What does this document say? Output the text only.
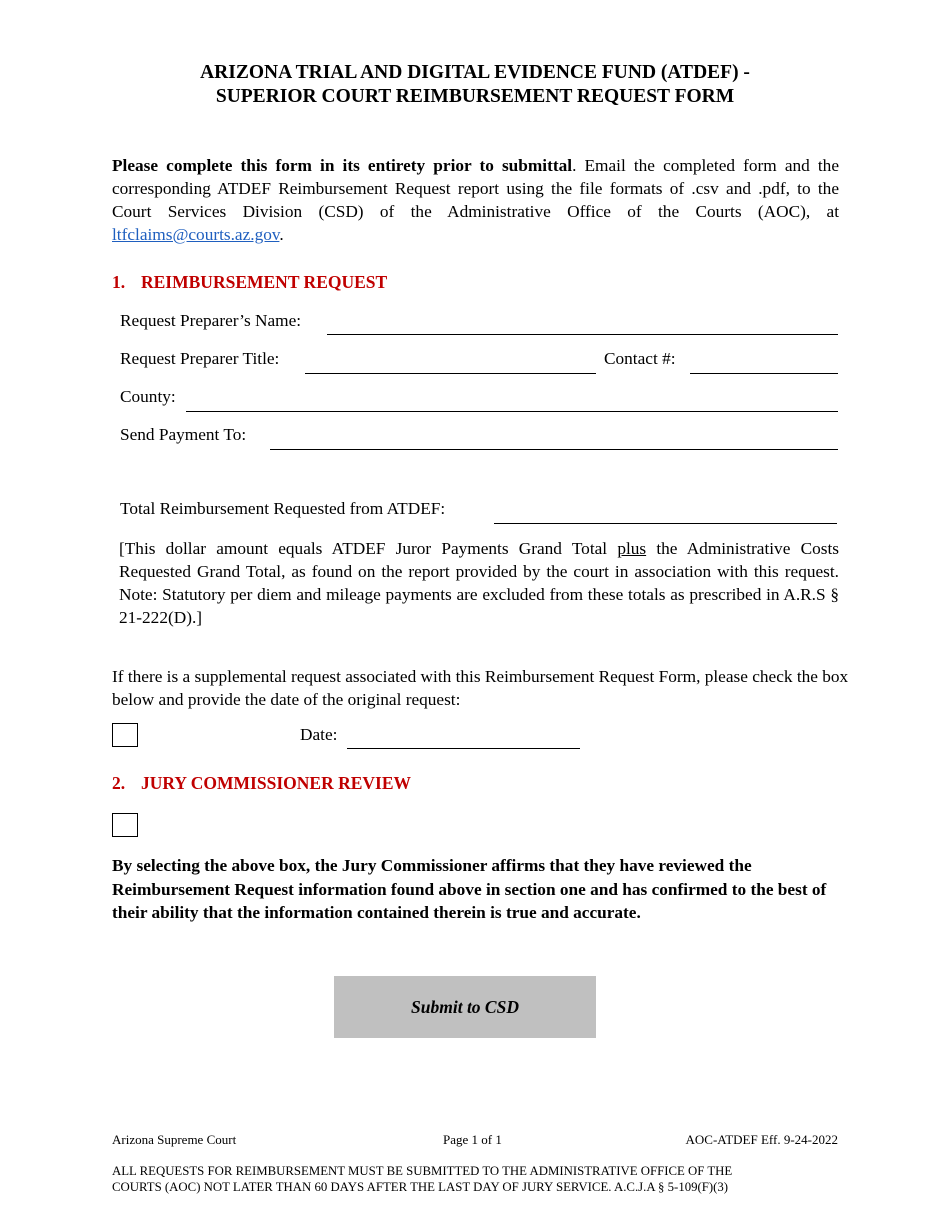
ARIZONA TRIAL AND DIGITAL EVIDENCE FUND (ATDEF) -
SUPERIOR COURT REIMBURSEMENT REQUEST FORM
Please complete this form in its entirety prior to submittal. Email the completed form and the corresponding ATDEF Reimbursement Request report using the file formats of .csv and .pdf, to the Court Services Division (CSD) of the Administrative Office of the Courts (AOC), at ltfclaims@courts.az.gov.
1. REIMBURSEMENT REQUEST
Request Preparer’s Name:
Request Preparer Title:	Contact #:
County:
Send Payment To:
Total Reimbursement Requested from ATDEF:
[This dollar amount equals ATDEF Juror Payments Grand Total plus the Administrative Costs Requested Grand Total, as found on the report provided by the court in association with this request. Note: Statutory per diem and mileage payments are excluded from these totals as prescribed in A.R.S § 21-222(D).]
If there is a supplemental request associated with this Reimbursement Request Form, please check the box below and provide the date of the original request:
Date:
2. JURY COMMISSIONER REVIEW
By selecting the above box, the Jury Commissioner affirms that they have reviewed the Reimbursement Request information found above in section one and has confirmed to the best of their ability that the information contained therein is true and accurate.
Submit to CSD
Arizona Supreme Court	Page 1 of 1	AOC-ATDEF Eff. 9-24-2022
ALL REQUESTS FOR REIMBURSEMENT MUST BE SUBMITTED TO THE ADMINISTRATIVE OFFICE OF THE
COURTS (AOC) NOT LATER THAN 60 DAYS AFTER THE LAST DAY OF JURY SERVICE. A.C.J.A § 5-109(F)(3)
